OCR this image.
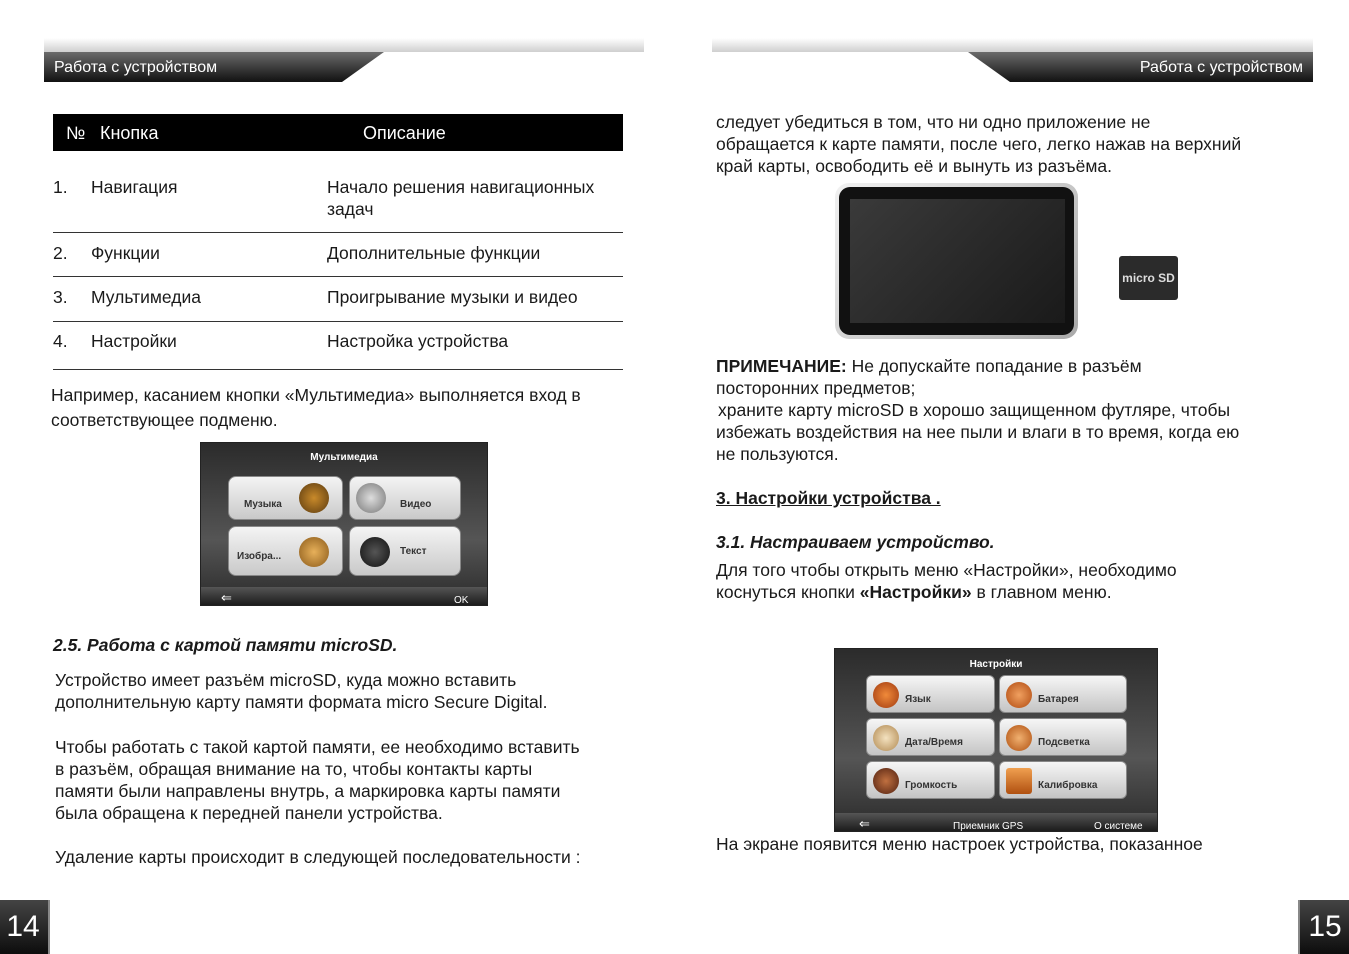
Работа с устройством	Работа с устройством
№ Кнопка	Описание
1. Навигация	Начало решения навигационных задач
2. Функции	Дополнительные функции
3. Мультимедиа	Проигрывание музыки и видео
4. Настройки	Настройка устройства
Например, касанием кнопки «Мультимедиа» выполняется вход в
соответствующее подменю.
Мультимедиа
Музыка	Видео
Изобра...	Текст
⇐	OK
2.5. Работа с картой памяти microSD.
Устройство имеет разъём microSD, куда можно вставить
дополнительную карту памяти формата micro Secure Digital.
Чтобы работать с такой картой памяти, ее необходимо вставить
в разъём, обращая внимание на то, чтобы контакты карты
памяти были направлены внутрь, а маркировка карты памяти
была обращена к передней панели устройства.
Удаление карты происходит в следующей последовательности :
следует убедиться в том, что ни одно приложение не
обращается к карте памяти, после чего, легко нажав на верхний
край карты, освободить её и вынуть из разъёма.
micro SD
ПРИМЕЧАНИЕ: Не допускайте попадание в разъём
посторонних предметов;
храните карту microSD в хорошо защищенном футляре, чтобы
избежать воздействия на нее пыли и влаги в то время, когда ею
не пользуются.
3. Настройки устройства .
3.1. Настраиваем устройство.
Для того чтобы открыть меню «Настройки», необходимо
коснуться кнопки «Настройки» в главном меню.
Настройки
Язык	Батарея
Дата/Время	Подсветка
Громкость	Калибровка
⇐	Приемник GPS	О системе
На экране появится меню настроек устройства, показанное
14	15
